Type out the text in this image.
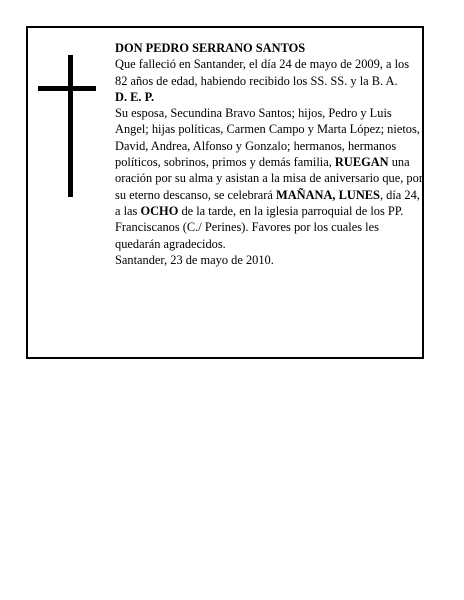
DON PEDRO SERRANO SANTOS

Que falleció en Santander, el día 24 de mayo de 2009, a los 82 años de edad, habiendo recibido los SS. SS. y la B. A.

D. E. P.

Su esposa, Secundina Bravo Santos; hijos, Pedro y Luis Angel; hijas políticas, Carmen Campo y Marta López; nietos, David, Andrea, Alfonso y Gonzalo; hermanos, hermanos políticos, sobrinos, primos y demás familia, RUEGAN una oración por su alma y asistan a la misa de aniversario que, por su eterno descanso, se celebrará MAÑANA, LUNES, día 24, a las OCHO de la tarde, en la iglesia parroquial de los PP. Franciscanos (C./ Perines). Favores por los cuales les quedarán agradecidos.

Santander, 23 de mayo de 2010.
